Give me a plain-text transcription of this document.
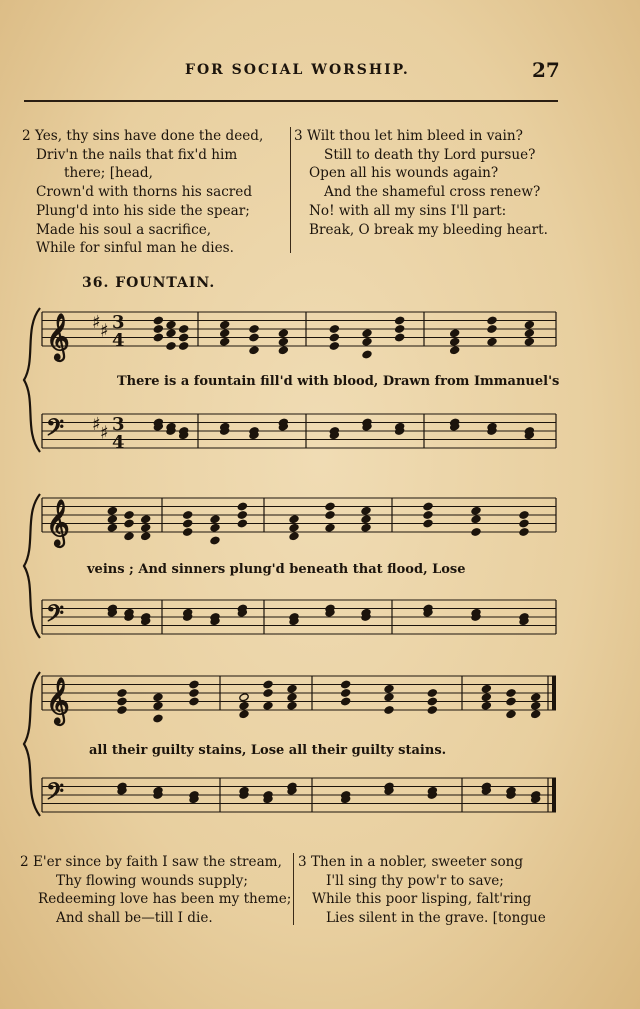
FOR SOCIAL WORSHIP.	27
2 Yes, thy sins have done the deed,
Driv'n the nails that fix'd him
there; [head,
Crown'd with thorns his sacred
Plung'd into his side the spear;
Made his soul a sacrifice,
While for sinful man he dies.
3 Wilt thou let him bleed in vain?
Still to death thy Lord pursue?
Open all his wounds again?
And the shameful cross renew?
No! with all my sins I'll part:
Break, O break my bleeding heart.
36. FOUNTAIN.
𝄞 ♯ ♯ 3
4
𝄢 ♯ ♯ 3
4
𝄞
𝄢
𝄞
𝄢
There is a fountain fill'd with blood, Drawn from Immanuel's
veins ; And sinners plung'd beneath that flood, Lose
all their guilty stains, Lose all their guilty stains.
2 E'er since by faith I saw the stream,
Thy flowing wounds supply;
Redeeming love has been my theme;
And shall be—till I die.
3 Then in a nobler, sweeter song
I'll sing thy pow'r to save;
While this poor lisping, falt'ring
Lies silent in the grave. [tongue
